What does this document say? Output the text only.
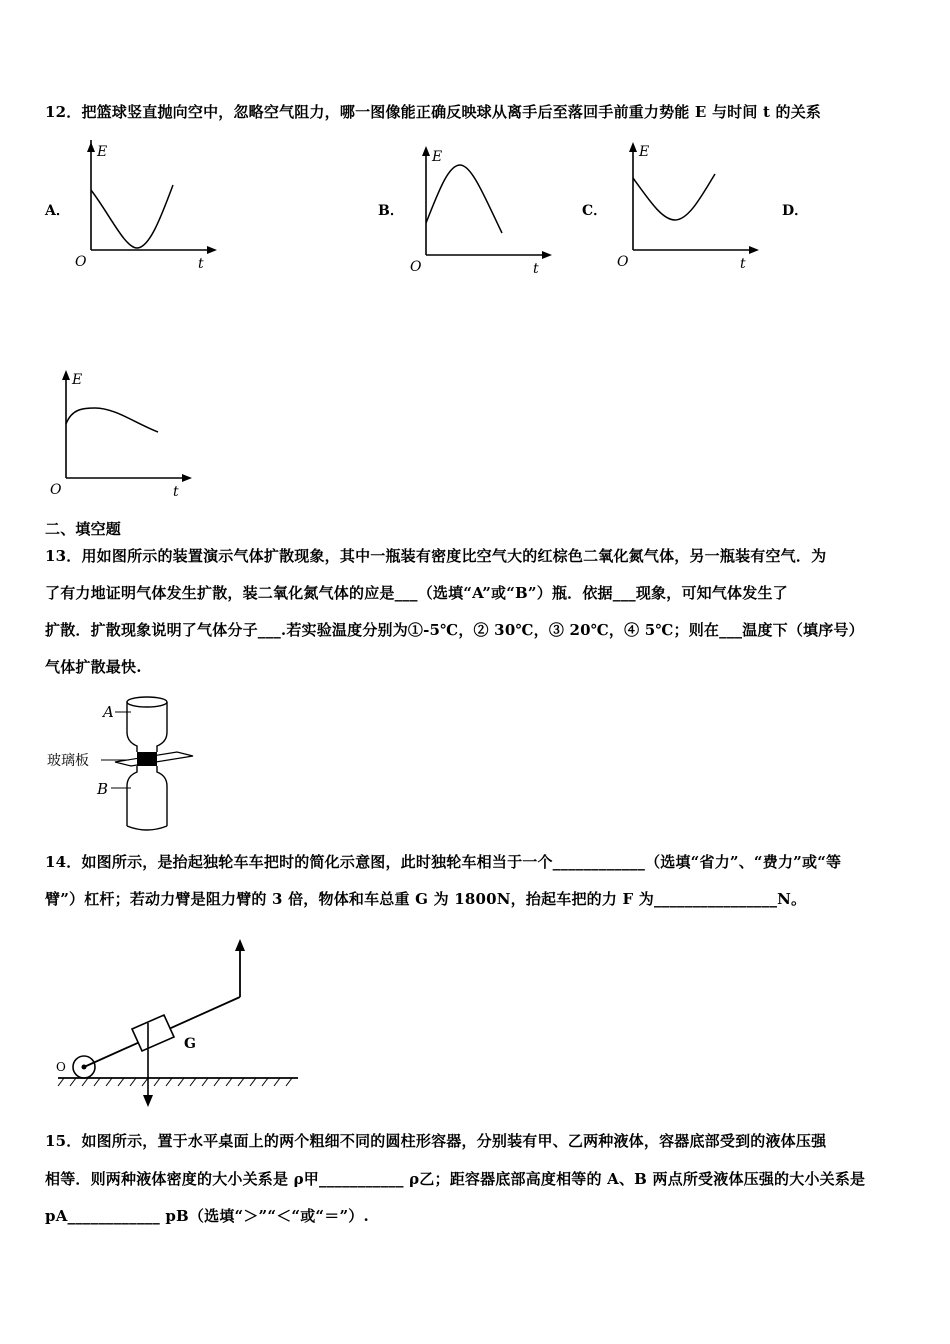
12．把篮球竖直抛向空中，忽略空气阻力，哪一图像能正确反映球从离手后至落回手前重力势能 E 与时间 t 的关系
A．
E
O	t
B．
E
O	t
C．
E
O	t
D．
E
O	t
二、填空题
13．用如图所示的装置演示气体扩散现象，其中一瓶装有密度比空气大的红棕色二氧化氮气体，另一瓶装有空气．为
了有力地证明气体发生扩散，装二氧化氮气体的应是___（选填“A”或“B”）瓶．依据___现象，可知气体发生了
扩散．扩散现象说明了气体分子___.若实验温度分别为①-5℃，② 30℃，③ 20℃，④ 5℃；则在___温度下（填序号）
气体扩散最快.
A
玻璃板
B
14．如图所示，是抬起独轮车车把时的简化示意图，此时独轮车相当于一个____________（选填“省力”、“费力”或“等
臂”）杠杆；若动力臂是阻力臂的 3 倍，物体和车总重 G 为 1800N，抬起车把的力 F 为________________N。
G
O
15．如图所示，置于水平桌面上的两个粗细不同的圆柱形容器，分别装有甲、乙两种液体，容器底部受到的液体压强
相等．则两种液体密度的大小关系是 ρ甲___________ ρ乙；距容器底部高度相等的 A、B 两点所受液体压强的大小关系是
pA____________ pB（选填“＞”“＜“或“＝”）.
